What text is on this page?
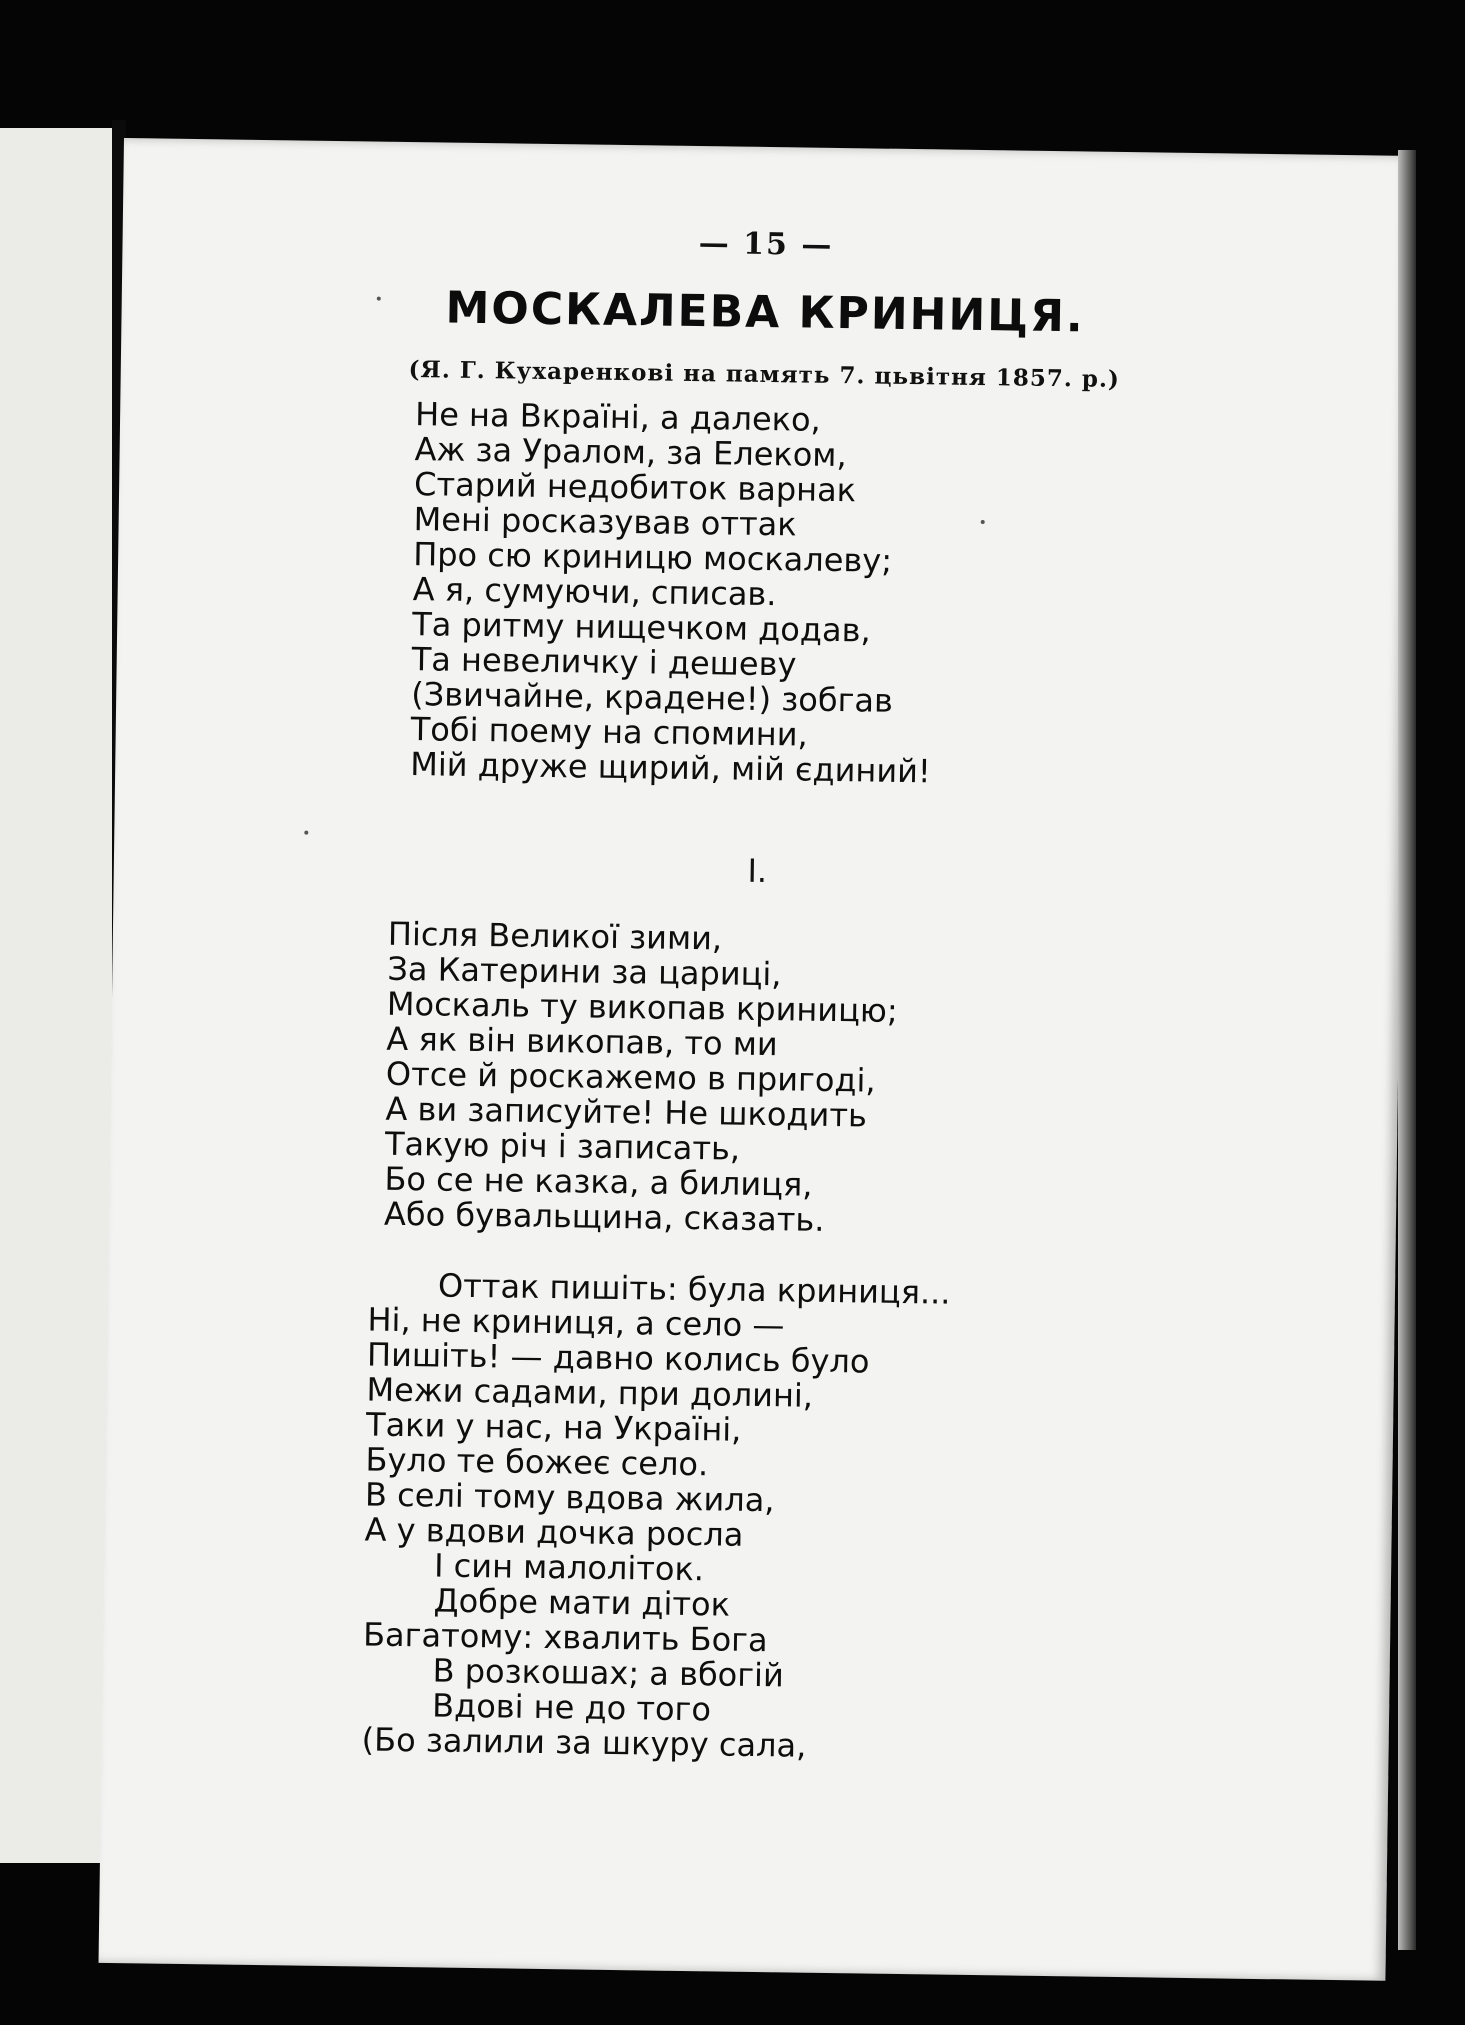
— 15 —
МОСКАЛЕВА КРИНИЦЯ.
(Я. Г. Кухаренкові на память 7. цьвітня 1857. р.)
Не на Вкраїні, а далеко,
Аж за Уралом, за Елеком,
Старий недобиток варнак
Мені росказував оттак
Про сю криницю москалеву;
А я, сумуючи, списав.
Та ритму нищечком додав,
Та невеличку і дешеву
(Звичайне, крадене!) зобгав
Тобі поему на спомини,
Мій друже щирий, мій єдиний!
I.
Після Великої зими,
За Катерини за цариці,
Москаль ту викопав криницю;
А як він викопав, то ми
Отсе й роскажемо в пригоді,
А ви записуйте! Не шкодить
Такую річ і записать,
Бо се не казка, а билиця,
Або бувальщина, сказать.
Оттак пишіть: була криниця...
Ні, не криниця, а село —
Пишіть! — давно колись було
Межи садами, при долині,
Таки у нас, на Україні,
Було те божеє село.
В селі тому вдова жила,
А у вдови дочка росла
І син малоліток.
Добре мати діток
Багатому: хвалить Бога
В розкошах; а вбогій
Вдові не до того
(Бо залили за шкуру сала,
